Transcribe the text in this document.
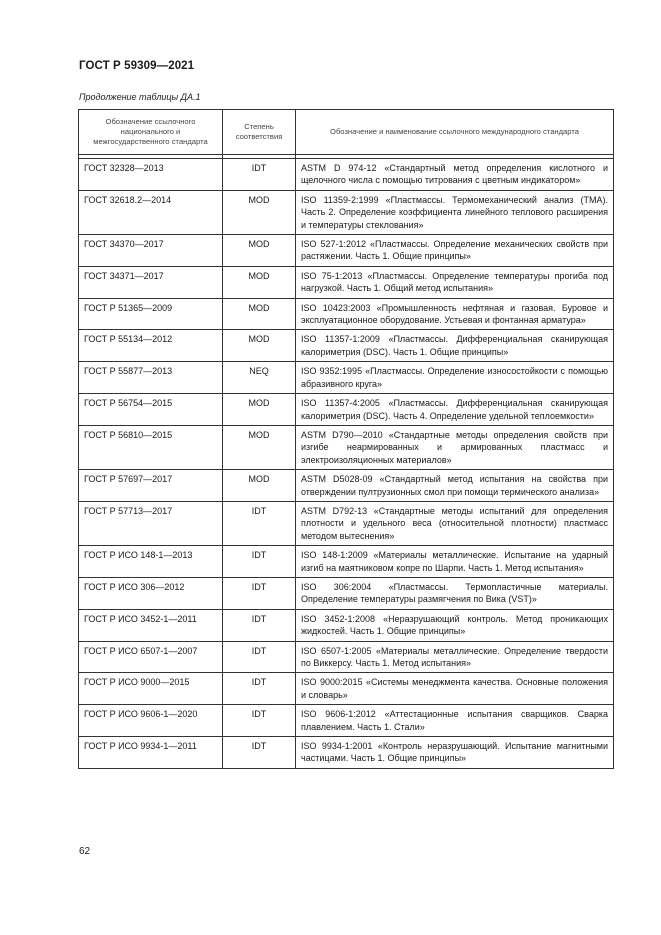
ГОСТ Р 59309—2021
Продолжение таблицы ДА.1
Обозначение ссылочного национального и межгосударственного стандарта	Степень соответствия	Обозначение и наименование ссылочного международного стандарта

ГОСТ 32328—2013	IDT	ASTM D 974-12 «Стандартный метод определения кислотного и щелочного числа с помощью титрования с цветным индикатором»
ГОСТ 32618.2—2014	MOD	ISO 11359-2:1999 «Пластмассы. Термомеханический анализ (ТМА). Часть 2. Определение коэффициента линейного теплового расширения и температуры стеклования»
ГОСТ 34370—2017	MOD	ISO 527-1:2012 «Пластмассы. Определение механических свойств при растяжении. Часть 1. Общие принципы»
ГОСТ 34371—2017	MOD	ISO 75-1:2013 «Пластмассы. Определение температуры прогиба под нагрузкой. Часть 1. Общий метод испытания»
ГОСТ Р 51365—2009	MOD	ISO 10423:2003 «Промышленность нефтяная и газовая. Буровое и эксплуатационное оборудование. Устьевая и фонтанная арматура»
ГОСТ Р 55134—2012	MOD	ISO 11357-1:2009 «Пластмассы. Дифференциальная сканирующая калориметрия (DSC). Часть 1. Общие принципы»
ГОСТ Р 55877—2013	NEQ	ISO 9352:1995 «Пластмассы. Определение износостойкости с помощью абразивного круга»
ГОСТ Р 56754—2015	MOD	ISO 11357-4:2005 «Пластмассы. Дифференциальная сканирующая калориметрия (DSC). Часть 4. Определение удельной теплоемкости»
ГОСТ Р 56810—2015	MOD	ASTM D790—2010 «Стандартные методы определения свойств при изгибе неармированных и армированных пластмасс и электроизоляционных материалов»
ГОСТ Р 57697—2017	MOD	ASTM D5028-09 «Стандартный метод испытания на свойства при отверждении пултрузионных смол при помощи термического анализа»
ГОСТ Р 57713—2017	IDT	ASTM D792-13 «Стандартные методы испытаний для определения плотности и удельного веса (относительной плотности) пластмасс методом вытеснения»
ГОСТ Р ИСО 148-1—2013	IDT	ISO 148-1:2009 «Материалы металлические. Испытание на ударный изгиб на маятниковом копре по Шарпи. Часть 1. Метод испытания»
ГОСТ Р ИСО 306—2012	IDT	ISO 306:2004 «Пластмассы. Термопластичные материалы. Определение температуры размягчения по Вика (VST)»
ГОСТ Р ИСО 3452-1—2011	IDT	ISO 3452-1:2008 «Неразрушающий контроль. Метод проникающих жидкостей. Часть 1. Общие принципы»
ГОСТ Р ИСО 6507-1—2007	IDT	ISO 6507-1:2005 «Материалы металлические. Определение твердости по Виккерсу. Часть 1. Метод испытания»
ГОСТ Р ИСО 9000—2015	IDT	ISO 9000:2015 «Системы менеджмента качества. Основные положения и словарь»
ГОСТ Р ИСО 9606-1—2020	IDT	ISO 9606-1:2012 «Аттестационные испытания сварщиков. Сварка плавлением. Часть 1. Стали»
ГОСТ Р ИСО 9934-1—2011	IDT	ISO 9934-1:2001 «Контроль неразрушающий. Испытание магнитными частицами. Часть 1. Общие принципы»
62
